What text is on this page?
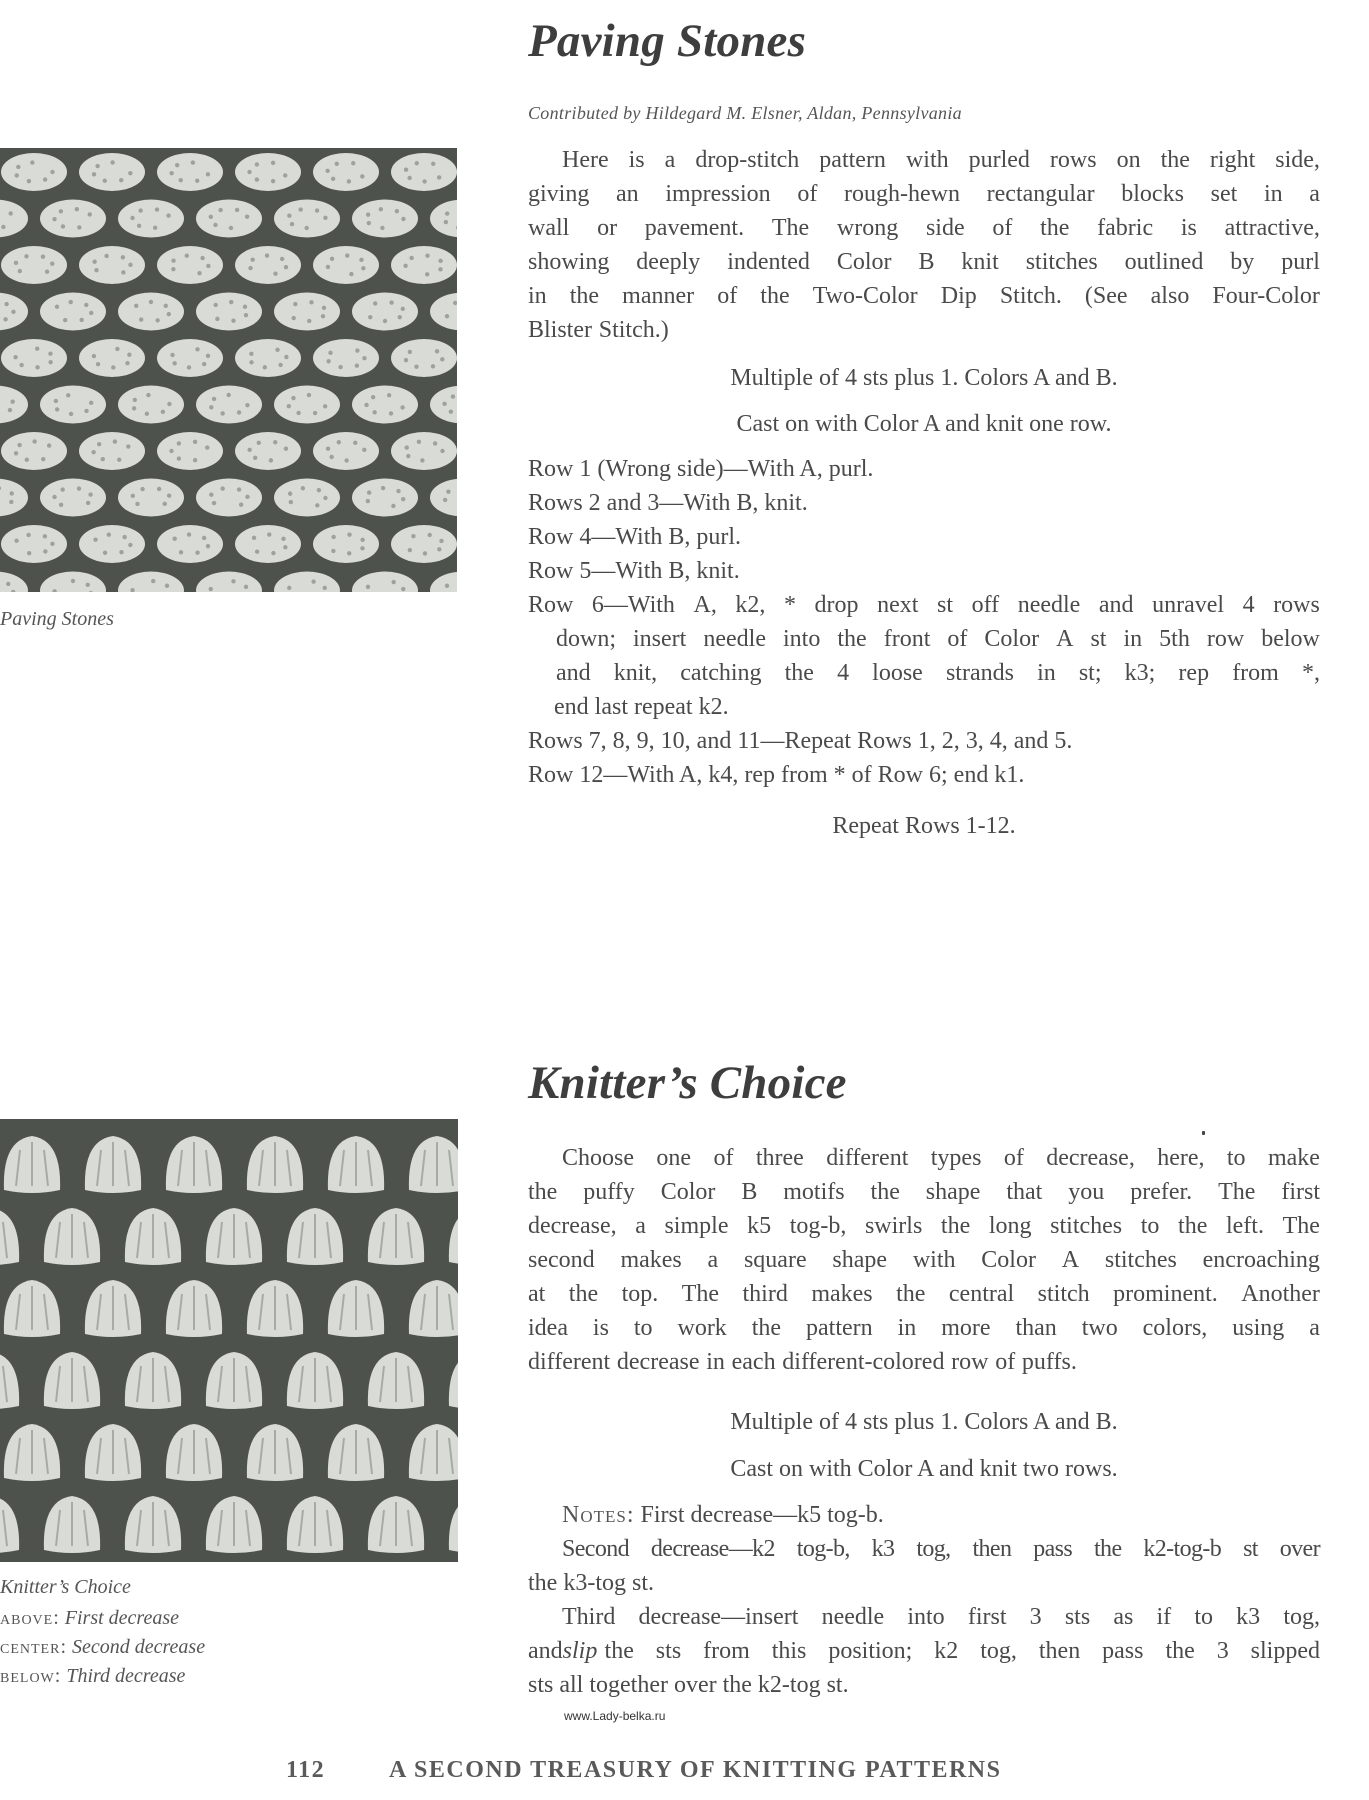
Paving Stones
Contributed by Hildegard M. Elsner, Aldan, Pennsylvania
Paving Stones
Here is a drop-stitch pattern with purled rows on the right side,
giving an impression of rough-hewn rectangular blocks set in a
wall or pavement. The wrong side of the fabric is attractive,
showing deeply indented Color B knit stitches outlined by purl
in the manner of the Two-Color Dip Stitch. (See also Four-Color
Blister Stitch.)
Multiple of 4 sts plus 1. Colors A and B.
Cast on with Color A and knit one row.
Row 1 (Wrong side)—With A, purl.
Rows 2 and 3—With B, knit.
Row 4—With B, purl.
Row 5—With B, knit.
Row 6—With A, k2, * drop next st off needle and unravel 4 rows
down; insert needle into the front of Color A st in 5th row below
and knit, catching the 4 loose strands in st; k3; rep from *,
end last repeat k2.
Rows 7, 8, 9, 10, and 11—Repeat Rows 1, 2, 3, 4, and 5.
Row 12—With A, k4, rep from * of Row 6; end k1.
Repeat Rows 1-12.
Knitter’s Choice
Knitter’s Choice
above: First decrease
center: Second decrease
below: Third decrease
Choose one of three different types of decrease, here, to make
the puffy Color B motifs the shape that you prefer. The first
decrease, a simple k5 tog-b, swirls the long stitches to the left. The
second makes a square shape with Color A stitches encroaching
at the top. The third makes the central stitch prominent. Another
idea is to work the pattern in more than two colors, using a
different decrease in each different-colored row of puffs.
Multiple of 4 sts plus 1. Colors A and B.
Cast on with Color A and knit two rows.
Notes: First decrease—k5 tog-b.
Second decrease—k2 tog-b, k3 tog, then pass the k2-tog-b st over
the k3-tog st.
Third decrease—insert needle into first 3 sts as if to k3 tog,
and slip the sts from this position; k2 tog, then pass the 3 slipped
sts all together over the k2-tog st.
www.Lady-belka.ru
112	A SECOND TREASURY OF KNITTING PATTERNS
